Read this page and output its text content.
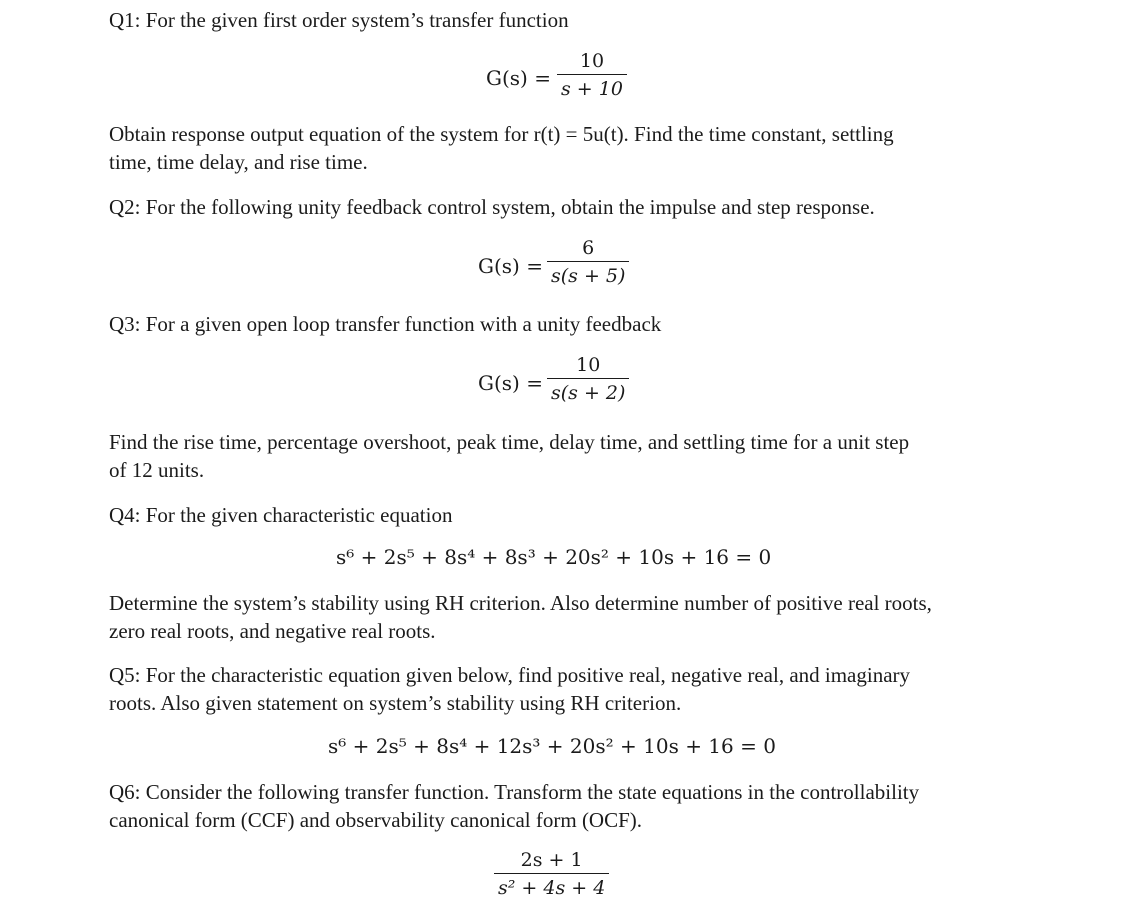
Q1: For the given first order system’s transfer function
G(s) =
10
s + 10
Obtain response output equation of the system for r(t) = 5u(t). Find the time constant, settling
time, time delay, and rise time.
Q2: For the following unity feedback control system, obtain the impulse and step response.
G(s) =
6
s(s + 5)
Q3: For a given open loop transfer function with a unity feedback
G(s) =
10
s(s + 2)
Find the rise time, percentage overshoot, peak time, delay time, and settling time for a unit step
of 12 units.
Q4: For the given characteristic equation
s⁶ + 2s⁵ + 8s⁴ + 8s³ + 20s² + 10s + 16 = 0
Determine the system’s stability using RH criterion. Also determine number of positive real roots,
zero real roots, and negative real roots.
Q5: For the characteristic equation given below, find positive real, negative real, and imaginary
roots. Also given statement on system’s stability using RH criterion.
s⁶ + 2s⁵ + 8s⁴ + 12s³ + 20s² + 10s + 16 = 0
Q6: Consider the following transfer function. Transform the state equations in the controllability
canonical form (CCF) and observability canonical form (OCF).
2s + 1
s² + 4s + 4
